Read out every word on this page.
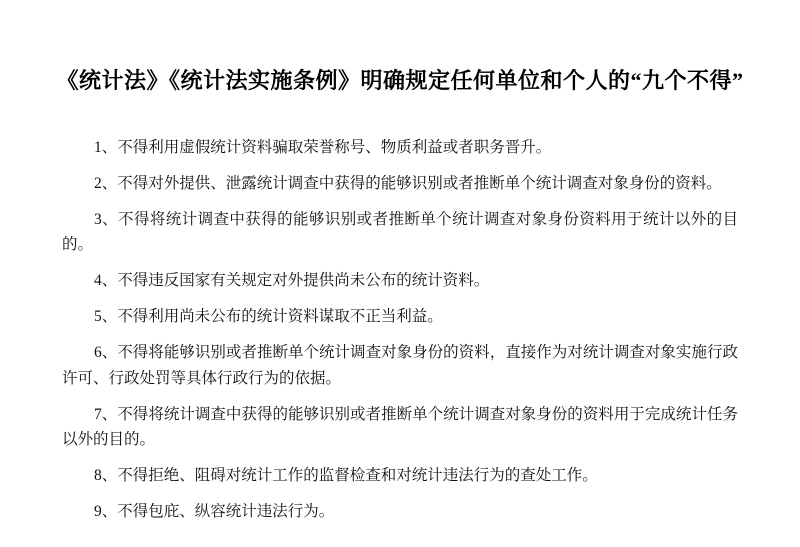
《统计法》《统计法实施条例》明确规定任何单位和个人的“九个不得”

1、不得利用虚假统计资料骗取荣誉称号、物质利益或者职务晋升。

2、不得对外提供、泄露统计调查中获得的能够识别或者推断单个统计调查对象身份的资料。

3、不得将统计调查中获得的能够识别或者推断单个统计调查对象身份资料用于统计以外的目的。

4、不得违反国家有关规定对外提供尚未公布的统计资料。

5、不得利用尚未公布的统计资料谋取不正当利益。

6、不得将能够识别或者推断单个统计调查对象身份的资料，直接作为对统计调查对象实施行政许可、行政处罚等具体行政行为的依据。

7、不得将统计调查中获得的能够识别或者推断单个统计调查对象身份的资料用于完成统计任务以外的目的。

8、不得拒绝、阻碍对统计工作的监督检查和对统计违法行为的查处工作。

9、不得包庇、纵容统计违法行为。
